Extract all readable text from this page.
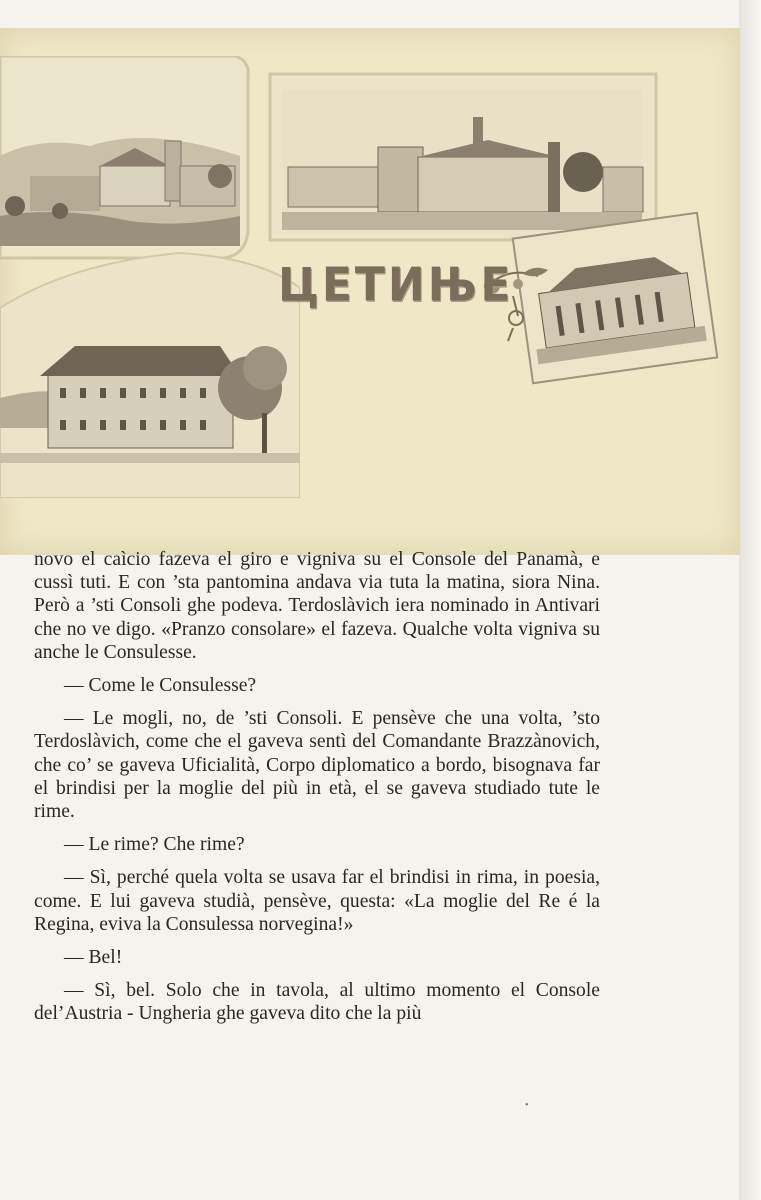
ЦЕТИЊЕ

novo el caìcio fazeva el giro e vigniva su el Console del Panamà, e cussì tuti. E con ’sta pantomina andava via tuta la matina, siora Nina. Però a ’sti Consoli ghe podeva. Terdoslàvich iera nominado in Antivari che no ve digo. «Pranzo consolare» el fazeva. Qualche volta vigniva su anche le Consulesse.

— Come le Consulesse?

— Le mogli, no, de ’sti Consoli. E pensève che una volta, ’sto Terdoslàvich, come che el gaveva sentì del Comandante Brazzànovich, che co’ se gaveva Uficialità, Corpo diplomatico a bordo, bisognava far el brindisi per la moglie del più in età, el se gaveva studiado tute le rime.

— Le rime? Che rime?

— Sì, perché quela volta se usava far el brindisi in rima, in poesia, come. E lui gaveva studià, pensève, questa: «La moglie del Re é la Regina, eviva la Consulessa norvegina!»

— Bel!

— Sì, bel. Solo che in tavola, al ultimo momento el Console del’Austria - Ungheria ghe gaveva dito che la più

•
